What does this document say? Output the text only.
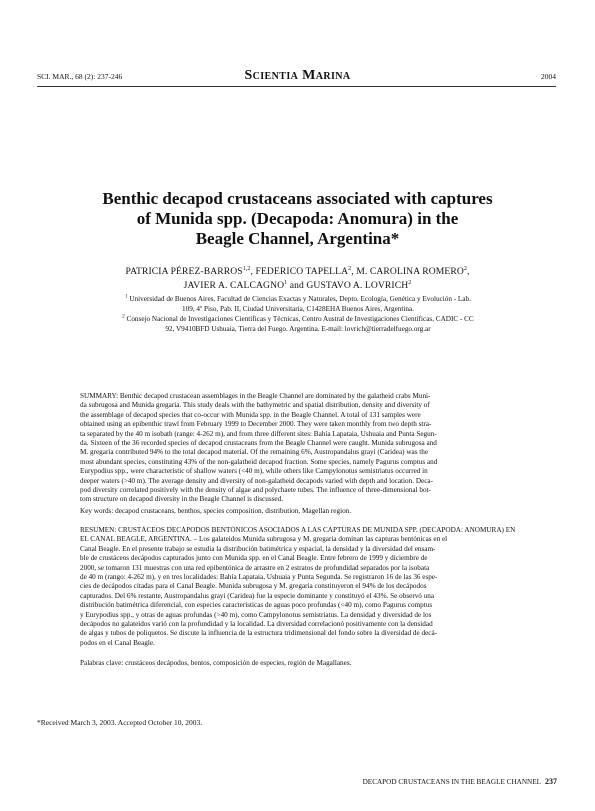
SCI. MAR., 68 (2): 237-246	Scientia Marina	2004
Benthic decapod crustaceans associated with captures
of Munida spp. (Decapoda: Anomura) in the
Beagle Channel, Argentina*
PATRICIA PÉREZ-BARROS$^{1,2}$, FEDERICO TAPELLA$^2$, M. CAROLINA ROMERO$^2$,
JAVIER A. CALCAGNO$^1$ and GUSTAVO A. LOVRICH$^2$
$^1$ Universidad de Buenos Aires, Facultad de Ciencias Exactas y Naturales, Depto. Ecología, Genética y Evolución - Lab.
109, 4º Piso, Pab. II, Ciudad Universitaria, C1428EHA Buenos Aires, Argentina.
$^2$ Consejo Nacional de Investigaciones Científicas y Técnicas, Centro Austral de Investigaciones Científicas, CADIC - CC
92, V9410BFD Ushuaia, Tierra del Fuego. Argentina. E-mail: lovrich@tierradelfuego.org.ar
SUMMARY: Benthic decapod crustacean assemblages in the Beagle Channel are dominated by the galatheid crabs Muni-
da subrugosa and Munida gregaria. This study deals with the bathymetric and spatial distribution, density and diversity of
the assemblage of decapod species that co-occur with Munida spp. in the Beagle Channel. A total of 131 samples were
obtained using an epibenthic trawl from February 1999 to December 2000. They were taken monthly from two depth stra-
ta separated by the 40 m isobath (range: 4-262 m), and from three different sites: Bahía Lapataia, Ushuaia and Punta Segun-
da. Sixteen of the 36 recorded species of decapod crustaceans from the Beagle Channel were caught. Munida subrugosa and
M. gregaria contributed 94% to the total decapod material. Of the remaining 6%, Austropandalus grayi (Caridea) was the
most abundant species, constituting 43% of the non-galatheid decapod fraction. Some species, namely Pagurus comptus and
Eurypodius spp., were characteristic of shallow waters (<40 m), while others like Campylonotus semistriatus occurred in
deeper waters (>40 m). The average density and diversity of non-galatheid decapods varied with depth and location. Deca-
pod diversity correlated positively with the density of algae and polychaete tubes. The influence of three-dimensional bot-
tom structure on decapod diversity in the Beagle Channel is discussed.
Key words: decapod crustaceans, benthos, species composition, distribution, Magellan region.
RESUMEN: CRUSTÁCEOS DECÁPODOS BENTÓNICOS ASOCIADOS A LAS CAPTURAS DE MUNIDA SPP. (DECAPODA: ANOMURA) EN
EL CANAL BEAGLE, ARGENTINA. – Los galateidos Munida subrugosa y M. gregaria dominan las capturas bentónicas en el
Canal Beagle. En el presente trabajo se estudia la distribución batimétrica y espacial, la densidad y la diversidad del ensam-
ble de crustáceos decápodos capturados junto con Munida spp. en el Canal Beagle. Entre febrero de 1999 y diciembre de
2000, se tomaron 131 muestras con una red epibentónica de arrastre en 2 estratos de profundidad separados por la isobata
de 40 m (rango: 4-262 m), y en tres localidades: Bahía Lapataia, Ushuaia y Punta Segunda. Se registraron 16 de las 36 espe-
cies de decápodos citadas para el Canal Beagle. Munida subrugosa y M. gregaria constituyeron el 94% de los decápodos
capturados. Del 6% restante, Austropandalus grayi (Caridea) fue la especie dominante y constituyó el 43%. Se observó una
distribución batimétrica diferencial, con especies características de aguas poco profundas (<40 m), como Pagurus comptus
y Eurypodius spp., y otras de aguas profundas (>40 m), como Campylonotus semistriatus. La densidad y diversidad de los
decápodos no galateidos varió con la profundidad y la localidad. La diversidad correlacionó positivamente con la densidad
de algas y tubos de poliquetos. Se discute la influencia de la estructura tridimensional del fondo sobre la diversidad de decá-
podos en el Canal Beagle.
Palabras clave: crustáceos decápodos, bentos, composición de especies, región de Magallanes.
*Received March 3, 2003. Accepted October 10, 2003.
DECAPOD CRUSTACEANS IN THE BEAGLE CHANNEL 237
